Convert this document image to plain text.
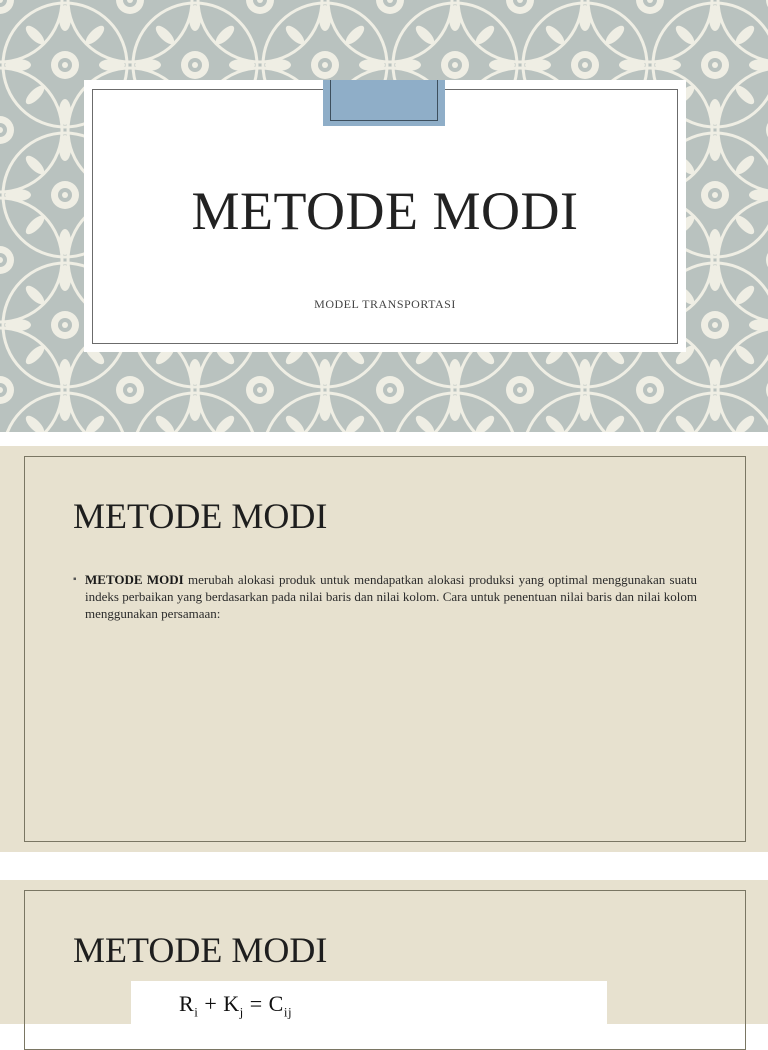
METODE MODI
MODEL TRANSPORTASI
METODE MODI
▪ METODE MODI merubah alokasi produk untuk mendapatkan alokasi produksi yang optimal menggunakan suatu indeks perbaikan yang berdasarkan pada nilai baris dan nilai kolom. Cara untuk penentuan nilai baris dan nilai kolom menggunakan persamaan:
METODE MODI
$R_i + K_j = C_{ij}$
